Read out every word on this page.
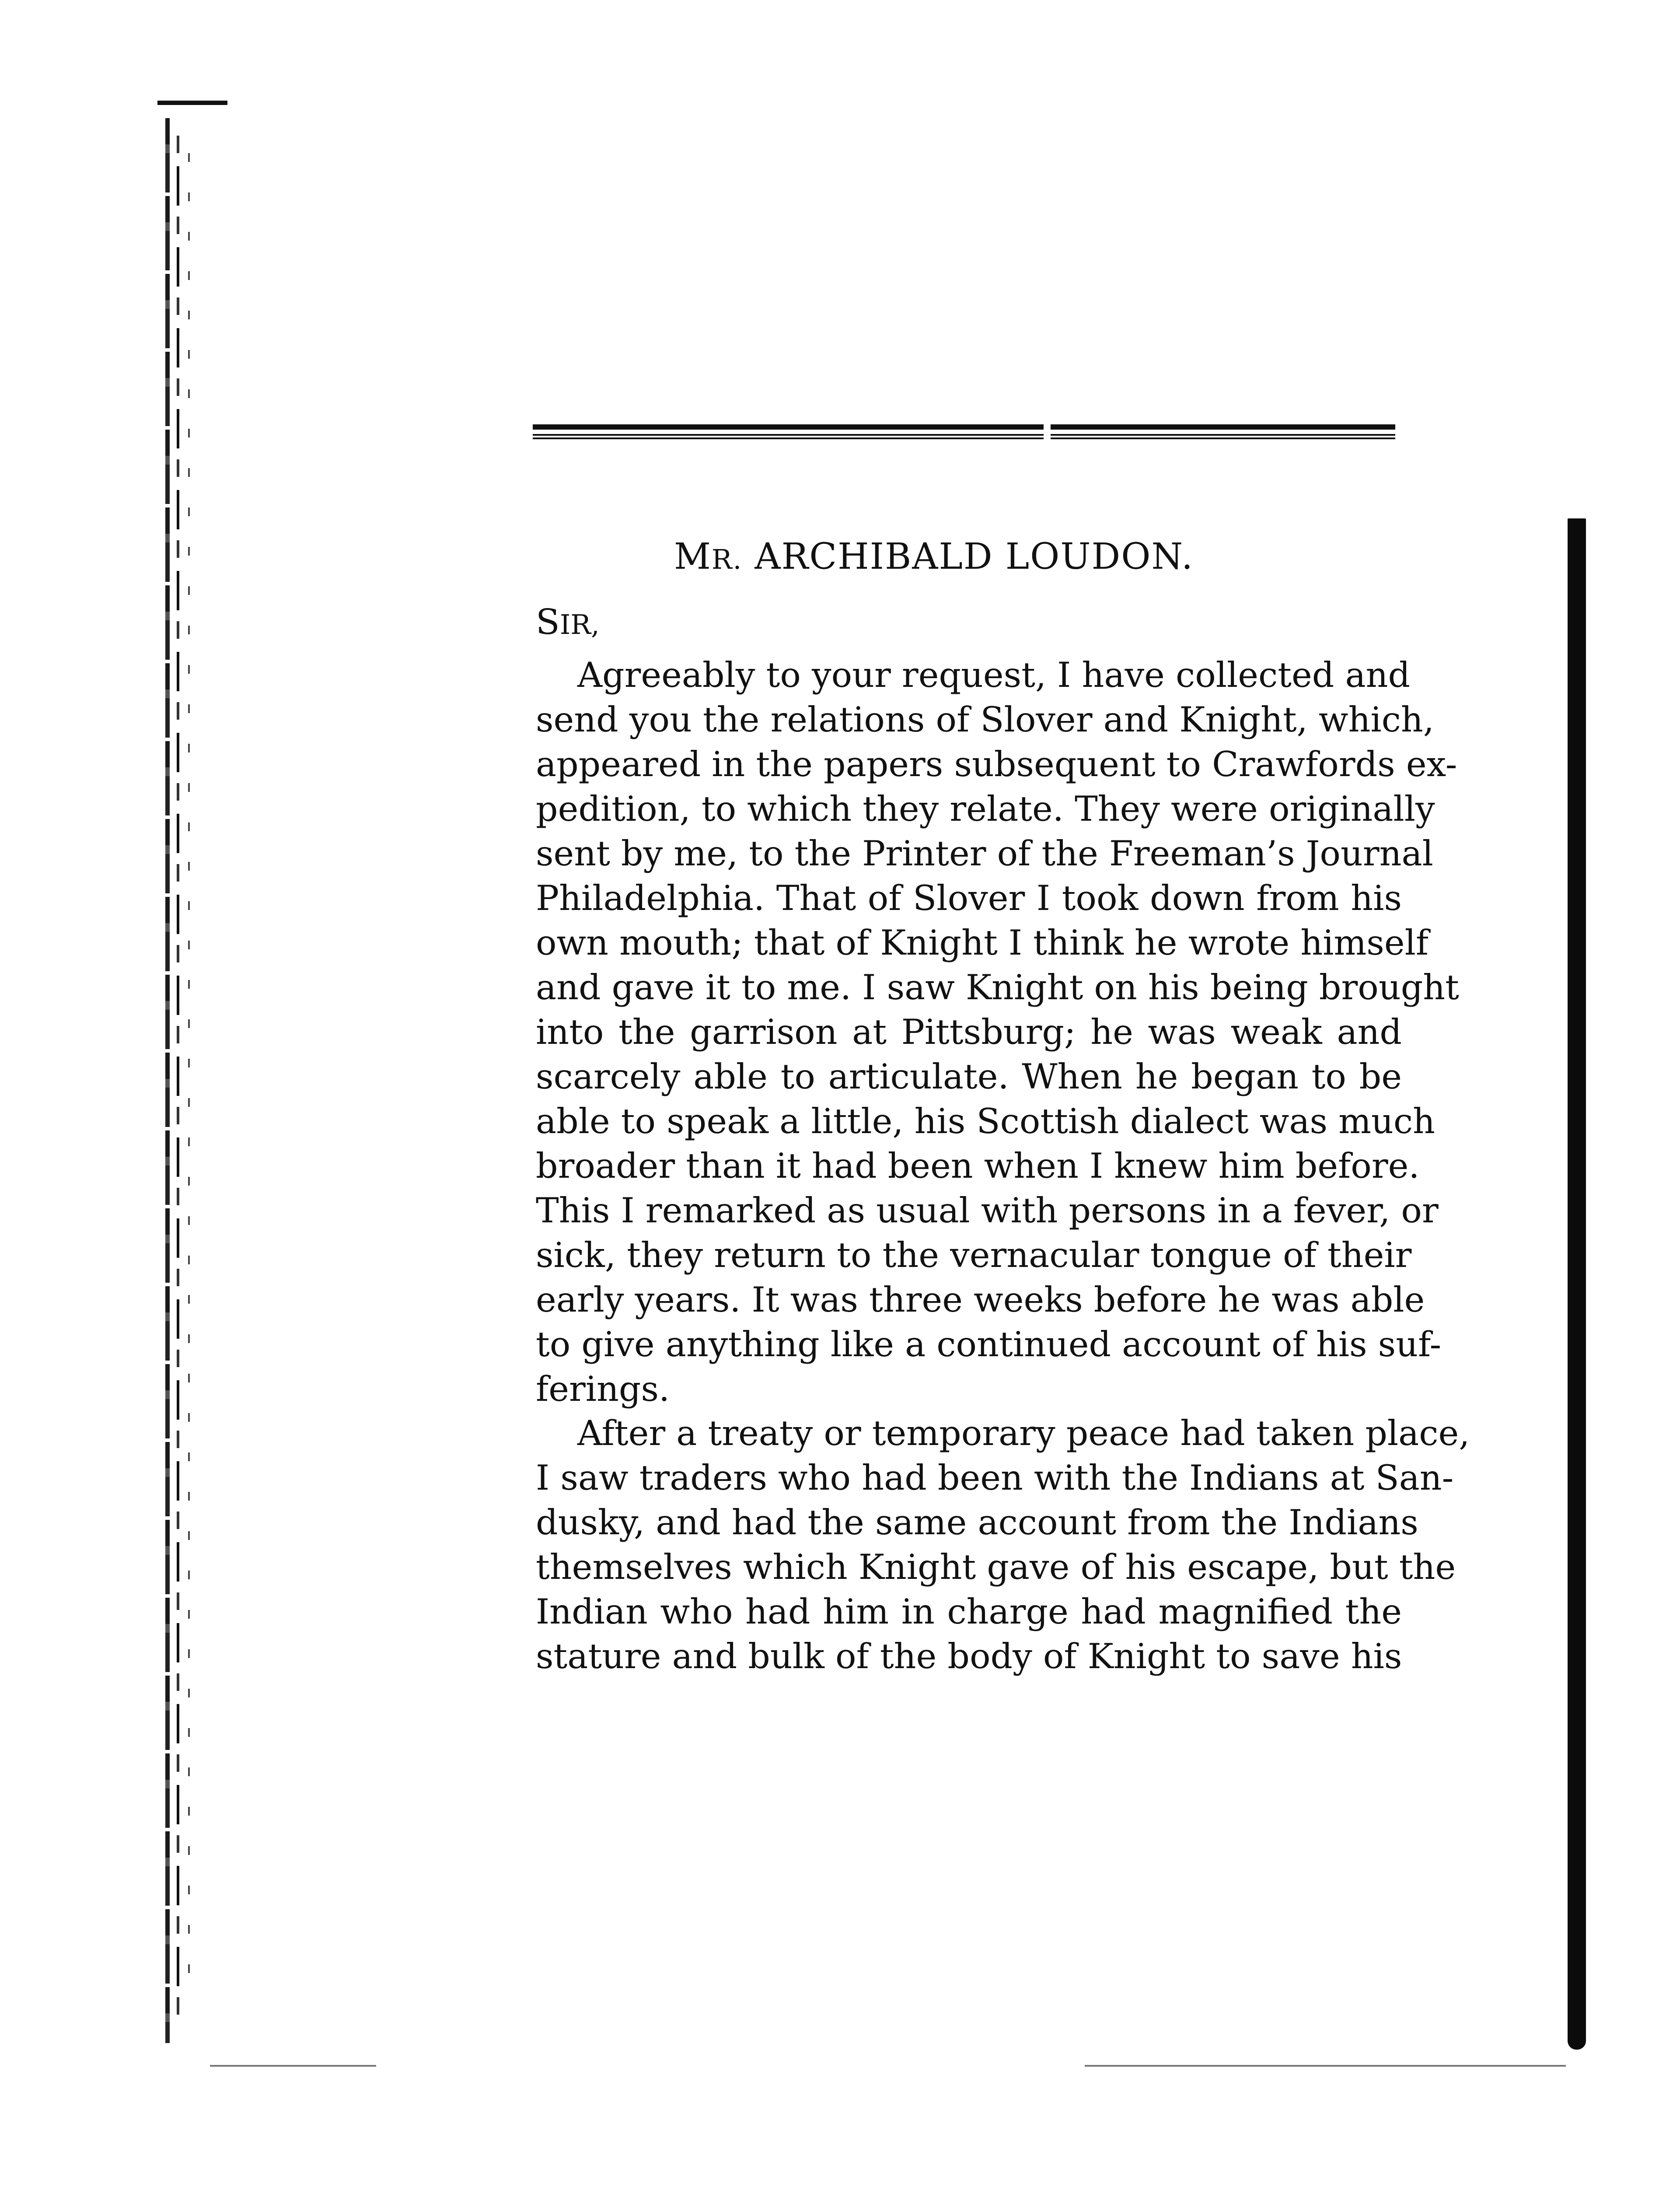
MR. ARCHIBALD LOUDON.
SIR,
Agreeably to your request, I have collected and
send you the relations of Slover and Knight, which,
appeared in the papers subsequent to Crawfords ex-
pedition, to which they relate. They were originally
sent by me, to the Printer of the Freeman’s Journal
Philadelphia. That of Slover I took down from his
own mouth; that of Knight I think he wrote himself
and gave it to me. I saw Knight on his being brought
into the garrison at Pittsburg; he was weak and
scarcely able to articulate. When he began to be
able to speak a little, his Scottish dialect was much
broader than it had been when I knew him before.
This I remarked as usual with persons in a fever, or
sick, they return to the vernacular tongue of their
early years. It was three weeks before he was able
to give anything like a continued account of his suf-
ferings.
After a treaty or temporary peace had taken place,
I saw traders who had been with the Indians at San-
dusky, and had the same account from the Indians
themselves which Knight gave of his escape, but the
Indian who had him in charge had magnified the
stature and bulk of the body of Knight to save his
